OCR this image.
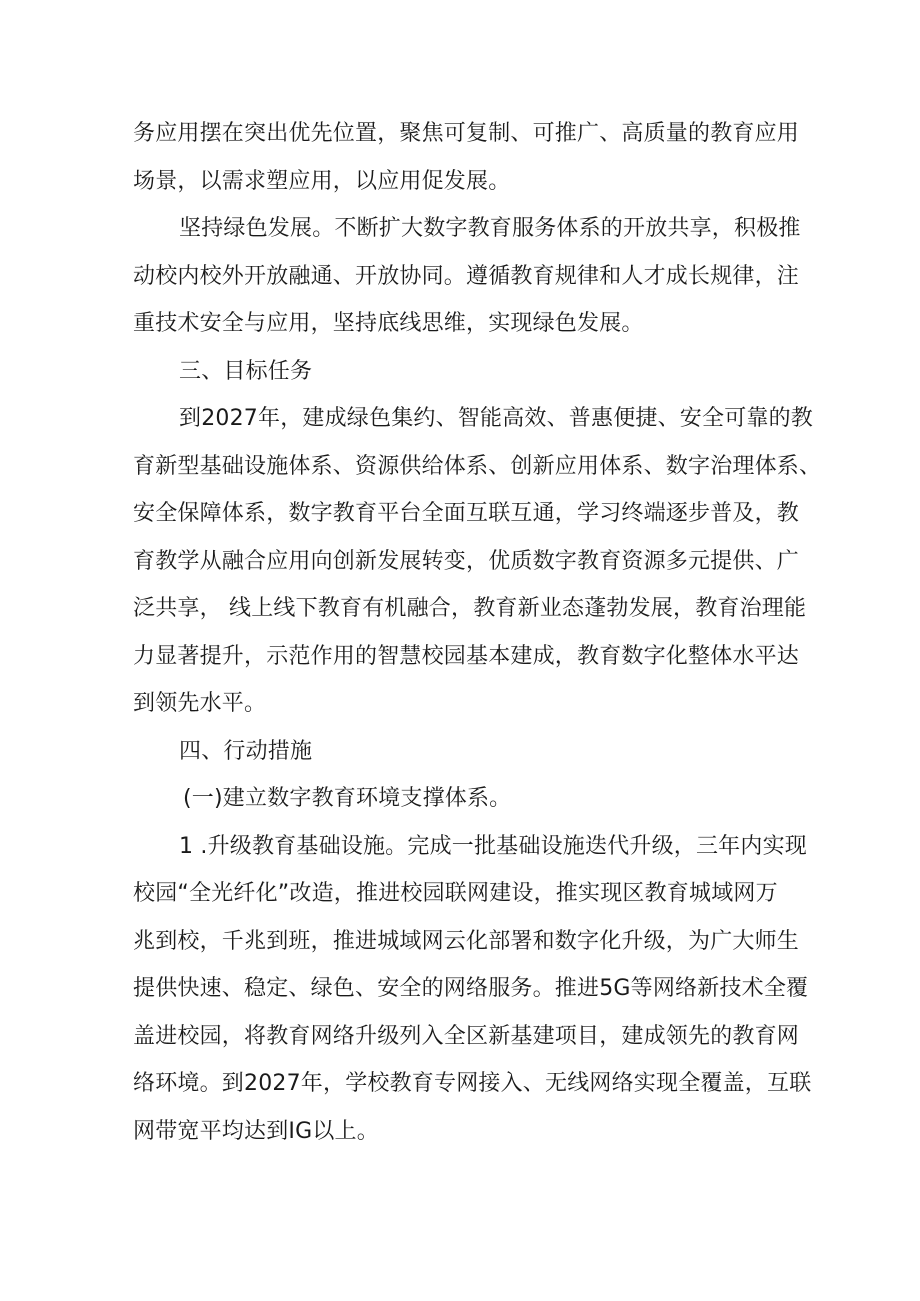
务应用摆在突出优先位置，聚焦可复制、可推广、高质量的教育应用
场景，以需求塑应用，以应用促发展。
坚持绿色发展。不断扩大数字教育服务体系的开放共享，积极推
动校内校外开放融通、开放协同。遵循教育规律和人才成长规律，注
重技术安全与应用，坚持底线思维，实现绿色发展。
三、目标任务
到2027年，建成绿色集约、智能高效、普惠便捷、安全可靠的教
育新型基础设施体系、资源供给体系、创新应用体系、数字治理体系、
安全保障体系，数字教育平台全面互联互通，学习终端逐步普及，教
育教学从融合应用向创新发展转变，优质数字教育资源多元提供、广
泛共享， 线上线下教育有机融合，教育新业态蓬勃发展，教育治理能
力显著提升，示范作用的智慧校园基本建成，教育数字化整体水平达
到领先水平。
四、行动措施
(一)建立数字教育环境支撑体系。
1 .升级教育基础设施。完成一批基础设施迭代升级，三年内实现
校园“全光纤化”改造，推进校园联网建设，推实现区教育城域网万
兆到校，千兆到班，推进城域网云化部署和数字化升级，为广大师生
提供快速、稳定、绿色、安全的网络服务。推进5G等网络新技术全覆
盖进校园，将教育网络升级列入全区新基建项目，建成领先的教育网
络环境。到2027年，学校教育专网接入、无线网络实现全覆盖，互联
网带宽平均达到IG以上。
